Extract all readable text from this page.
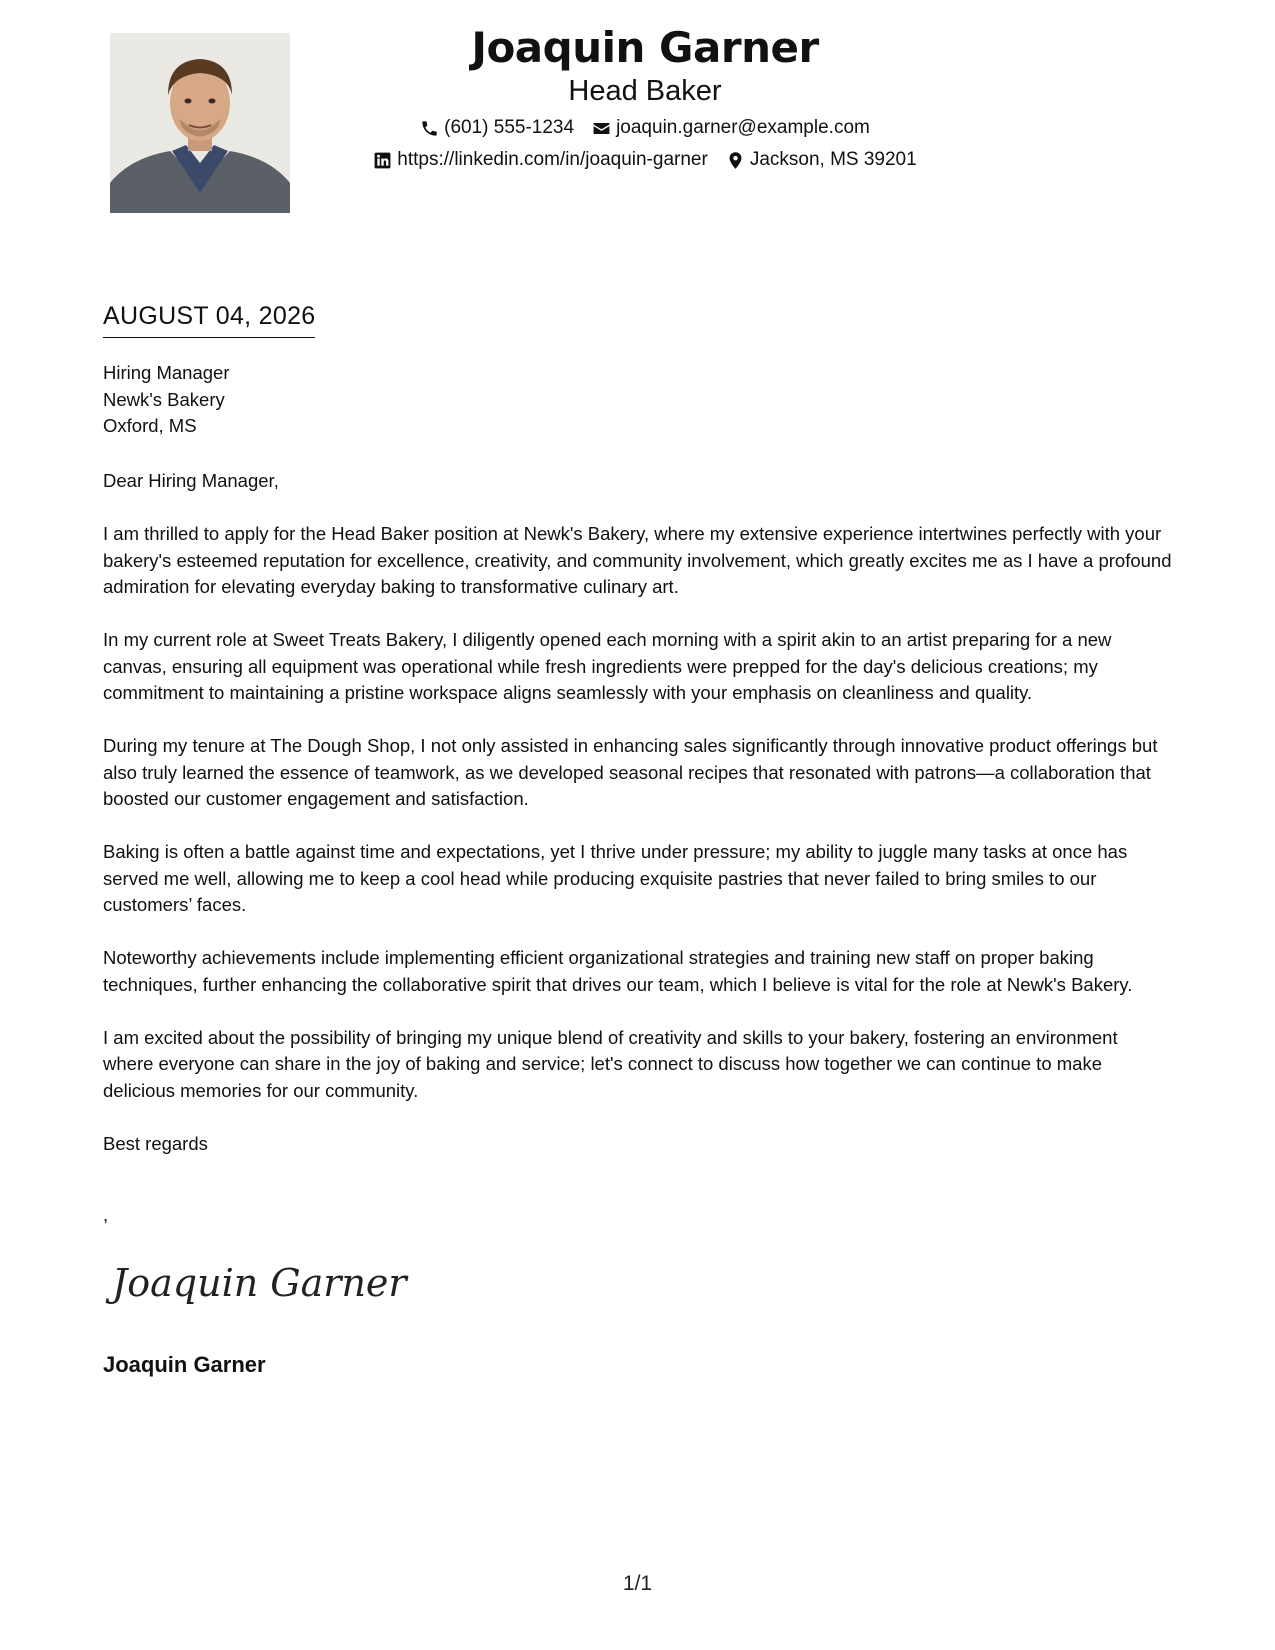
Joaquin Garner
Head Baker
(601) 555-1234 joaquin.garner@example.com
https://linkedin.com/in/joaquin-garner Jackson, MS 39201
AUGUST 04, 2026
Hiring Manager
Newk's Bakery
Oxford, MS

Dear Hiring Manager,

I am thrilled to apply for the Head Baker position at Newk's Bakery, where my extensive experience intertwines perfectly with your bakery's esteemed reputation for excellence, creativity, and community involvement, which greatly excites me as I have a profound admiration for elevating everyday baking to transformative culinary art.

In my current role at Sweet Treats Bakery, I diligently opened each morning with a spirit akin to an artist preparing for a new canvas, ensuring all equipment was operational while fresh ingredients were prepped for the day's delicious creations; my commitment to maintaining a pristine workspace aligns seamlessly with your emphasis on cleanliness and quality.

During my tenure at The Dough Shop, I not only assisted in enhancing sales significantly through innovative product offerings but also truly learned the essence of teamwork, as we developed seasonal recipes that resonated with patrons—a collaboration that boosted our customer engagement and satisfaction.

Baking is often a battle against time and expectations, yet I thrive under pressure; my ability to juggle many tasks at once has served me well, allowing me to keep a cool head while producing exquisite pastries that never failed to bring smiles to our customers’ faces.

Noteworthy achievements include implementing efficient organizational strategies and training new staff on proper baking techniques, further enhancing the collaborative spirit that drives our team, which I believe is vital for the role at Newk's Bakery.

I am excited about the possibility of bringing my unique blend of creativity and skills to your bakery, fostering an environment where everyone can share in the joy of baking and service; let's connect to discuss how together we can continue to make delicious memories for our community.

Best regards

,
Joaquin Garner
Joaquin Garner
1/1
